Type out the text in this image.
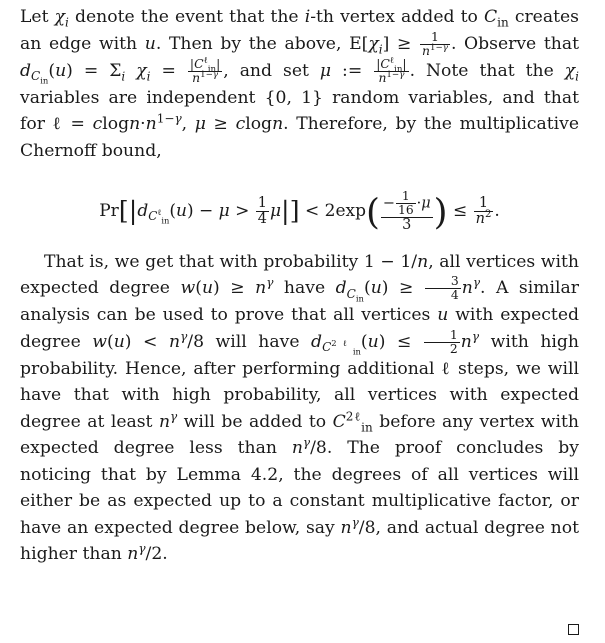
Let $\chi_i$ denote the event that the i-th vertex added to $C_{in}$ creates an edge with u. Then by the above, $E[\chi_i] \ge \frac{1}{n^{1-\gamma}}$ . Observe that $d_{C_{in}}(u) = \Sigma_i$ $\chi_i = \frac{|C^\ell_{in}|}{n^{1-\gamma}}$ , and set μ := $\frac{|C^\ell_{in}|}{n^{1-\gamma}}$ . Note that the $\chi_i$ variables are independent {0, 1} random variables, and that for ℓ = $clogn\cdot n^{1-\gamma}$, μ ≥ clogn. Therefore, by the multiplicative Chernoff bound,

$Pr[|d_{C^\ell_{in}}(u) - \mu > \frac{1}{4} \mu|] < 2\exp( \frac{- \frac{1}{16} \cdot\mu}{3}$ ) ≤ $\frac{1}{n^2}$ .

That is, we get that with probability 1 − 1/n, all vertices with expected degree $w(u) \ge n^\gamma$ have $d_{C_{in}}(u) \ge \frac{3}{4} n^\gamma$. A similar analysis can be used to prove that all vertices u with expected degree $w(u) < n^\gamma/8$ will have $d_{C^{2\ell}_{in}}(u) \le \frac{1}{2} n^\gamma$ with high probability. Hence, after performing additional ℓ steps, we will have that with high probability, all vertices with expected degree at least $n^\gamma$ will be added to $C^{2\ell}_{in}$ before any vertex with expected degree less than $n^\gamma/8$. The proof concludes by noticing that by Lemma 4.2, the degrees of all vertices will either be as expected up to a constant multiplicative factor, or have an expected degree below, say $n^\gamma/8$, and actual degree not higher than $n^\gamma/2$.
